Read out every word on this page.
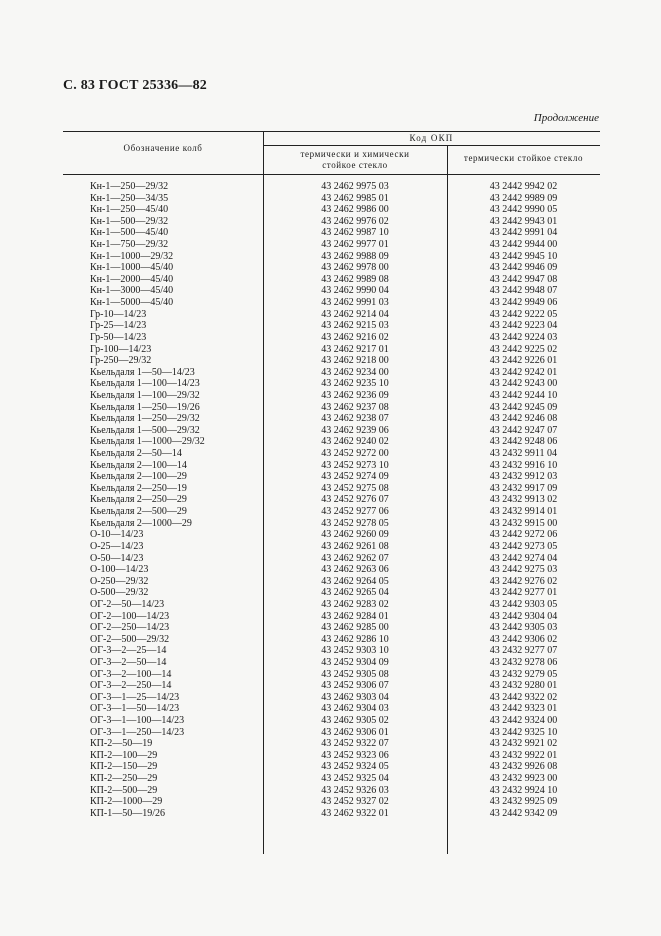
С. 83 ГОСТ 25336—82
Продолжение
Обозначение колб
Код ОКП
термически и химически
стойкое стекло
термически стойкое стекло
Кн-1—250—29/32	43 2462 9975 03	43 2442 9942 02
Кн-1—250—34/35	43 2462 9985 01	43 2442 9989 09
Кн-1—250—45/40	43 2462 9986 00	43 2442 9990 05
Кн-1—500—29/32	43 2462 9976 02	43 2442 9943 01
Кн-1—500—45/40	43 2462 9987 10	43 2442 9991 04
Кн-1—750—29/32	43 2462 9977 01	43 2442 9944 00
Кн-1—1000—29/32	43 2462 9988 09	43 2442 9945 10
Кн-1—1000—45/40	43 2462 9978 00	43 2442 9946 09
Кн-1—2000—45/40	43 2462 9989 08	43 2442 9947 08
Кн-1—3000—45/40	43 2462 9990 04	43 2442 9948 07
Кн-1—5000—45/40	43 2462 9991 03	43 2442 9949 06
Гр-10—14/23	43 2462 9214 04	43 2442 9222 05
Гр-25—14/23	43 2462 9215 03	43 2442 9223 04
Гр-50—14/23	43 2462 9216 02	43 2442 9224 03
Гр-100—14/23	43 2462 9217 01	43 2442 9225 02
Гр-250—29/32	43 2462 9218 00	43 2442 9226 01
Кьельдаля 1—50—14/23	43 2462 9234 00	43 2442 9242 01
Кьельдаля 1—100—14/23	43 2462 9235 10	43 2442 9243 00
Кьельдаля 1—100—29/32	43 2462 9236 09	43 2442 9244 10
Кьельдаля 1—250—19/26	43 2462 9237 08	43 2442 9245 09
Кьельдаля 1—250—29/32	43 2462 9238 07	43 2442 9246 08
Кьельдаля 1—500—29/32	43 2462 9239 06	43 2442 9247 07
Кьельдаля 1—1000—29/32	43 2462 9240 02	43 2442 9248 06
Кьельдаля 2—50—14	43 2452 9272 00	43 2432 9911 04
Кьельдаля 2—100—14	43 2452 9273 10	43 2432 9916 10
Кьельдаля 2—100—29	43 2452 9274 09	43 2432 9912 03
Кьельдаля 2—250—19	43 2452 9275 08	43 2432 9917 09
Кьельдаля 2—250—29	43 2452 9276 07	43 2432 9913 02
Кьельдаля 2—500—29	43 2452 9277 06	43 2432 9914 01
Кьельдаля 2—1000—29	43 2452 9278 05	43 2432 9915 00
О-10—14/23	43 2462 9260 09	43 2442 9272 06
О-25—14/23	43 2462 9261 08	43 2442 9273 05
О-50—14/23	43 2462 9262 07	43 2442 9274 04
О-100—14/23	43 2462 9263 06	43 2442 9275 03
О-250—29/32	43 2462 9264 05	43 2442 9276 02
О-500—29/32	43 2462 9265 04	43 2442 9277 01
ОГ-2—50—14/23	43 2462 9283 02	43 2442 9303 05
ОГ-2—100—14/23	43 2462 9284 01	43 2442 9304 04
ОГ-2—250—14/23	43 2462 9285 00	43 2442 9305 03
ОГ-2—500—29/32	43 2462 9286 10	43 2442 9306 02
ОГ-3—2—25—14	43 2452 9303 10	43 2432 9277 07
ОГ-3—2—50—14	43 2452 9304 09	43 2432 9278 06
ОГ-3—2—100—14	43 2452 9305 08	43 2432 9279 05
ОГ-3—2—250—14	43 2452 9306 07	43 2432 9280 01
ОГ-3—1—25—14/23	43 2462 9303 04	43 2442 9322 02
ОГ-3—1—50—14/23	43 2462 9304 03	43 2442 9323 01
ОГ-3—1—100—14/23	43 2462 9305 02	43 2442 9324 00
ОГ-3—1—250—14/23	43 2462 9306 01	43 2442 9325 10
КП-2—50—19	43 2452 9322 07	43 2432 9921 02
КП-2—100—29	43 2452 9323 06	43 2432 9922 01
КП-2—150—29	43 2452 9324 05	43 2432 9926 08
КП-2—250—29	43 2452 9325 04	43 2432 9923 00
КП-2—500—29	43 2452 9326 03	43 2432 9924 10
КП-2—1000—29	43 2452 9327 02	43 2432 9925 09
КП-1—50—19/26	43 2462 9322 01	43 2442 9342 09
